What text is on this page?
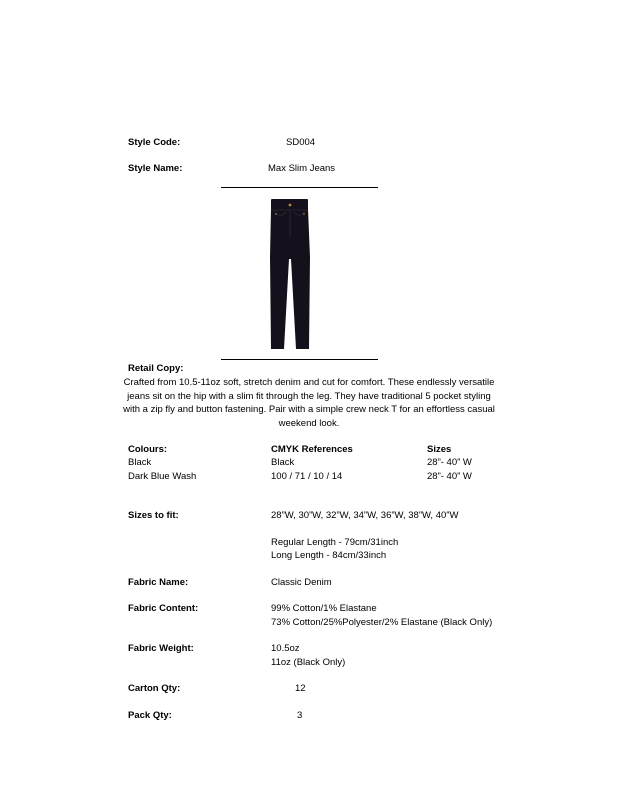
Style Code:	SD004
Style Name:	Max Slim Jeans
Retail Copy:
Crafted from 10.5-11oz soft, stretch denim and cut for comfort. These endlessly versatile jeans sit on the hip with a slim fit through the leg. They have traditional 5 pocket styling with a zip fly and button fastening. Pair with a simple crew neck T for an effortless casual weekend look.
Colours:	CMYK References	Sizes
Black	Black	28”- 40” W
Dark Blue Wash	100 / 71 / 10 / 14	28”- 40” W
Sizes to fit:	28”W, 30”W, 32”W, 34”W, 36”W, 38”W, 40”W
Regular Length - 79cm/31inch
Long Length - 84cm/33inch
Fabric Name:	Classic Denim
Fabric Content:	99% Cotton/1% Elastane
73% Cotton/25%Polyester/2% Elastane (Black Only)
Fabric Weight:	10.5oz
11oz (Black Only)
Carton Qty:	12
Pack Qty:	3
